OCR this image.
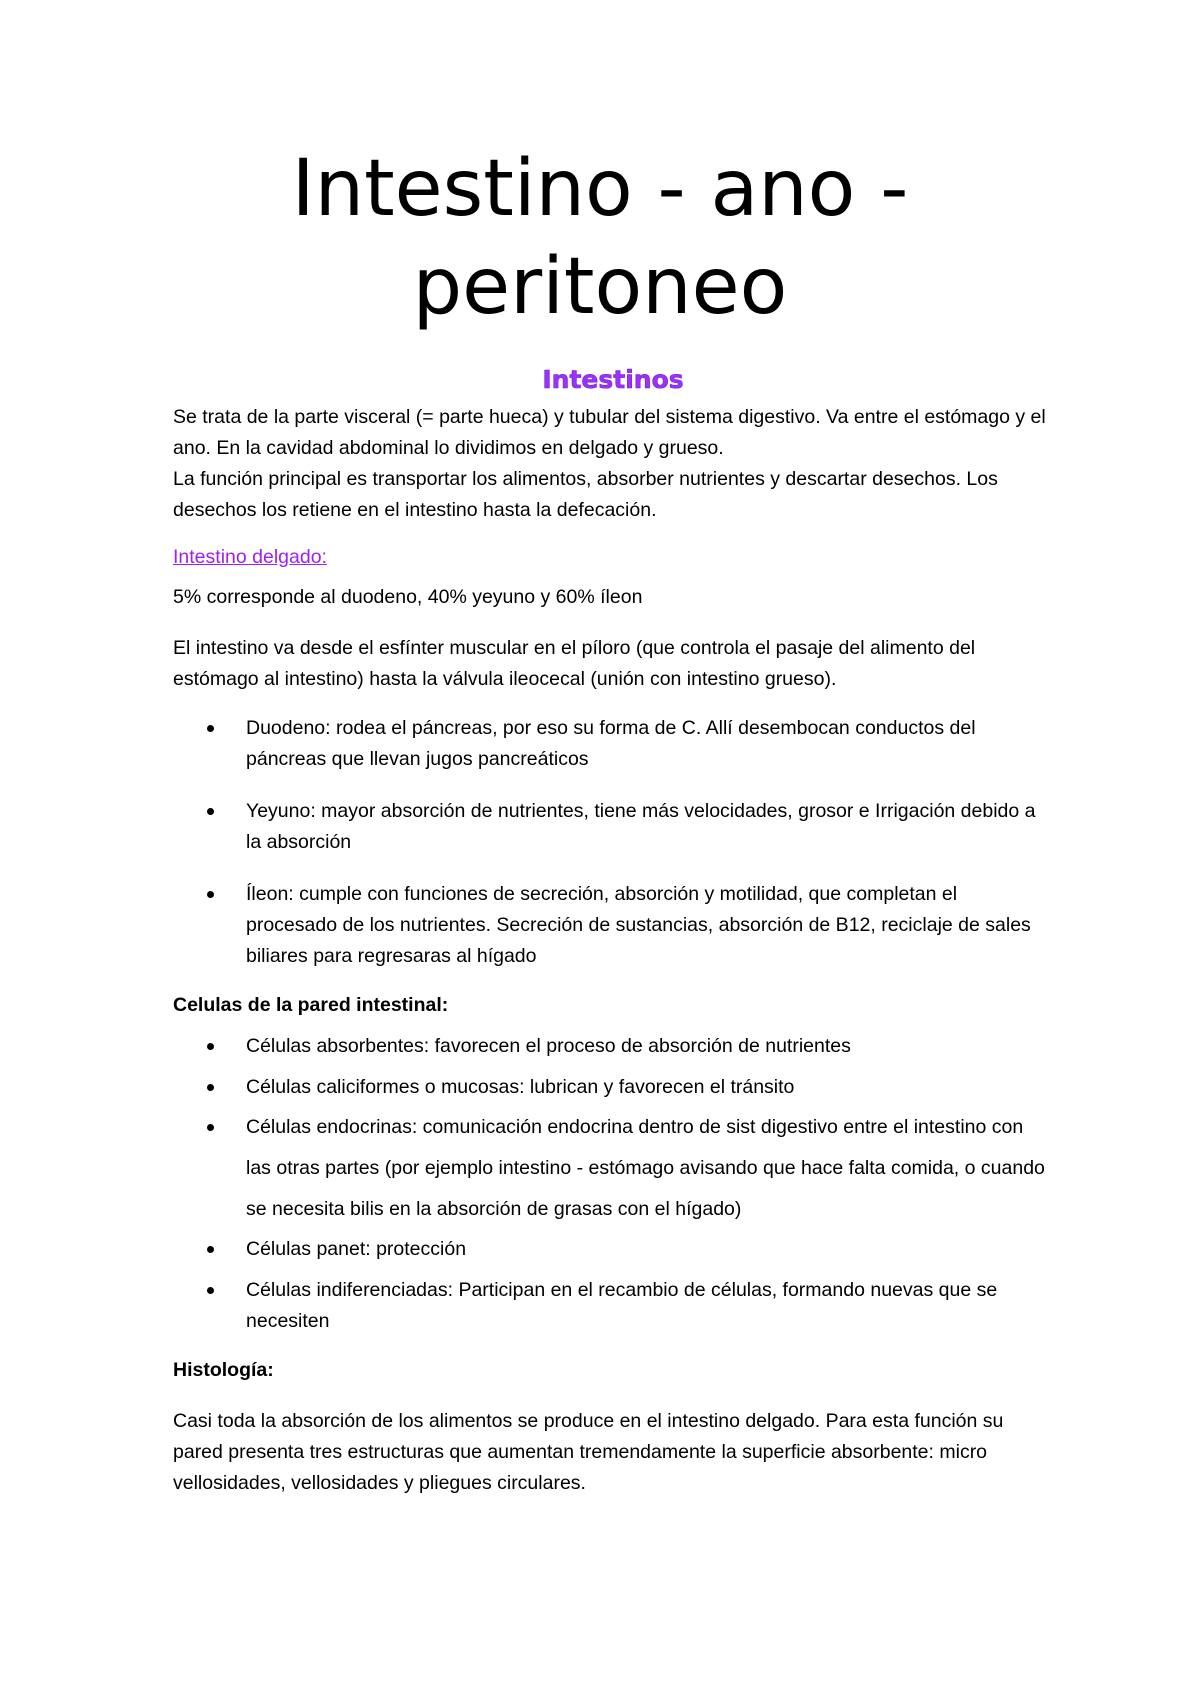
Intestino - ano -
peritoneo
Intestinos

Se trata de la parte visceral (= parte hueca) y tubular del sistema digestivo. Va entre el estómago y el ano. En la cavidad abdominal lo dividimos en delgado y grueso.

La función principal es transportar los alimentos, absorber nutrientes y descartar desechos. Los desechos los retiene en el intestino hasta la defecación.

Intestino delgado:

5% corresponde al duodeno, 40% yeyuno y 60% íleon

El intestino va desde el esfínter muscular en el píloro (que controla el pasaje del alimento del estómago al intestino) hasta la válvula ileocecal (unión con intestino grueso).

Duodeno: rodea el páncreas, por eso su forma de C. Allí desembocan conductos del páncreas que llevan jugos pancreáticos
Yeyuno: mayor absorción de nutrientes, tiene más velocidades, grosor e Irrigación debido a la absorción
Íleon: cumple con funciones de secreción, absorción y motilidad, que completan el procesado de los nutrientes. Secreción de sustancias, absorción de B12, reciclaje de sales biliares para regresaras al hígado

Celulas de la pared intestinal:

Células absorbentes: favorecen el proceso de absorción de nutrientes
Células caliciformes o mucosas: lubrican y favorecen el tránsito
Células endocrinas: comunicación endocrina dentro de sist digestivo entre el intestino con las otras partes (por ejemplo intestino - estómago avisando que hace falta comida, o cuando se necesita bilis en la absorción de grasas con el hígado)
Células panet: protección
Células indiferenciadas: Participan en el recambio de células, formando nuevas que se necesiten

Histología:

Casi toda la absorción de los alimentos se produce en el intestino delgado. Para esta función su pared presenta tres estructuras que aumentan tremendamente la superficie absorbente: micro vellosidades, vellosidades y pliegues circulares.
